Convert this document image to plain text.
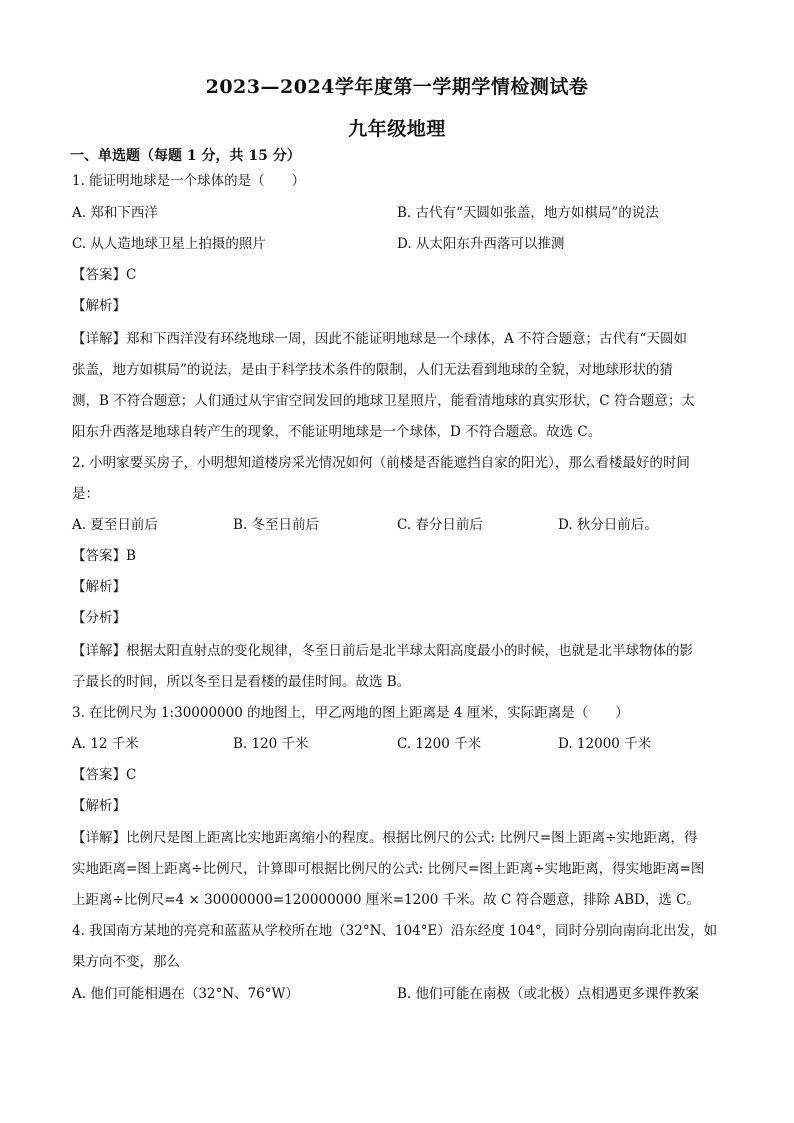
2023—2024学年度第一学期学情检测试卷
九年级地理
一、单选题（每题 1 分，共 15 分）
1. 能证明地球是一个球体的是（　　）
A. 郑和下西洋	B. 古代有“天圆如张盖，地方如棋局”的说法
C. 从人造地球卫星上拍摄的照片	D. 从太阳东升西落可以推测
【答案】C
【解析】
【详解】郑和下西洋没有环绕地球一周，因此不能证明地球是一个球体，A 不符合题意；古代有“天圆如
张盖，地方如棋局”的说法，是由于科学技术条件的限制，人们无法看到地球的全貌，对地球形状的猜
测，B 不符合题意；人们通过从宇宙空间发回的地球卫星照片，能看清地球的真实形状，C 符合题意；太
阳东升西落是地球自转产生的现象，不能证明地球是一个球体，D 不符合题意。故选 C。
2. 小明家要买房子，小明想知道楼房采光情况如何（前楼是否能遮挡自家的阳光），那么看楼最好的时间
是：
A. 夏至日前后	B. 冬至日前后	C. 春分日前后	D. 秋分日前后。
【答案】B
【解析】
【分析】
【详解】根据太阳直射点的变化规律，冬至日前后是北半球太阳高度最小的时候，也就是北半球物体的影
子最长的时间，所以冬至日是看楼的最佳时间。故选 B。
3. 在比例尺为 1:30000000 的地图上，甲乙两地的图上距离是 4 厘米，实际距离是（　　）
A. 12 千米	B. 120 千米	C. 1200 千米	D. 12000 千米
【答案】C
【解析】
【详解】比例尺是图上距离比实地距离缩小的程度。根据比例尺的公式: 比例尺=图上距离÷实地距离，得
实地距离=图上距离÷比例尺，计算即可根据比例尺的公式: 比例尺=图上距离÷实地距离，得实地距离=图
上距离÷比例尺=4 × 30000000=120000000 厘米=1200 千米。故 C 符合题意，排除 ABD，选 C。
4. 我国南方某地的亮亮和蓝蓝从学校所在地（32°N、104°E）沿东经度 104°，同时分别向南向北出发，如
果方向不变，那么
A. 他们可能相遇在（32°N、76°W）	B. 他们可能在南极（或北极）点相遇更多课件教案
